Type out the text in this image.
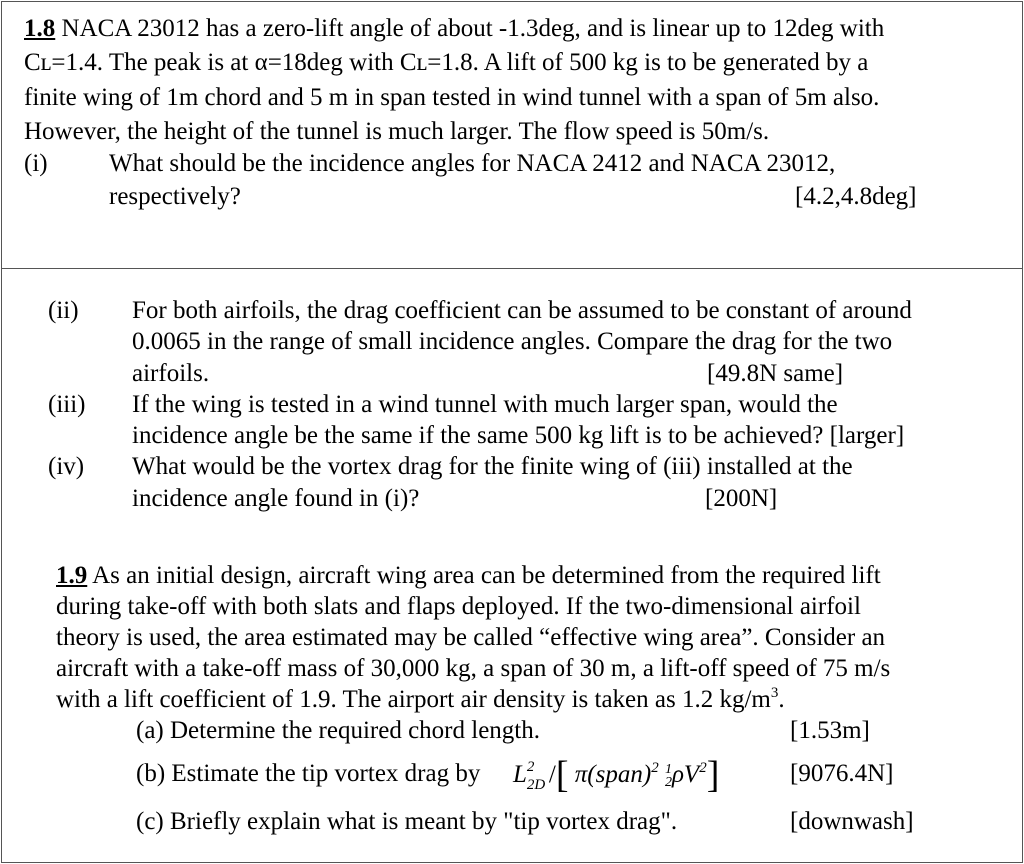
1.8 NACA 23012 has a zero-lift angle of about -1.3deg, and is linear up to 12deg with
Cʟ=1.4. The peak is at α=18deg with Cʟ=1.8. A lift of 500 kg is to be generated by a
finite wing of 1m chord and 5 m in span tested in wind tunnel with a span of 5m also.
However, the height of the tunnel is much larger. The flow speed is 50m/s.
(i) What should be the incidence angles for NACA 2412 and NACA 23012,
respectively?	[4.2,4.8deg]
(ii) For both airfoils, the drag coefficient can be assumed to be constant of around
0.0065 in the range of small incidence angles. Compare the drag for the two
airfoils.	[49.8N same]
(iii) If the wing is tested in a wind tunnel with much larger span, would the
incidence angle be the same if the same 500 kg lift is to be achieved? [larger]
(iv) What would be the vortex drag for the finite wing of (iii) installed at the
incidence angle found in (i)?	[200N]
1.9 As an initial design, aircraft wing area can be determined from the required lift
during take-off with both slats and flaps deployed. If the two-dimensional airfoil
theory is used, the area estimated may be called “effective wing area”. Consider an
aircraft with a take-off mass of 30,000 kg, a span of 30 m, a lift-off speed of 75 m/s
with a lift coefficient of 1.9. The airport air density is taken as 1.2 $kg/m^3$.
(a) Determine the required chord length.	[1.53m]
(b) Estimate the tip vortex drag by L 2
2D /[ π(span)$^2$ 1
$2\rho V^2$]	[9076.4N]
(c) Briefly explain what is meant by "tip vortex drag".	[downwash]
